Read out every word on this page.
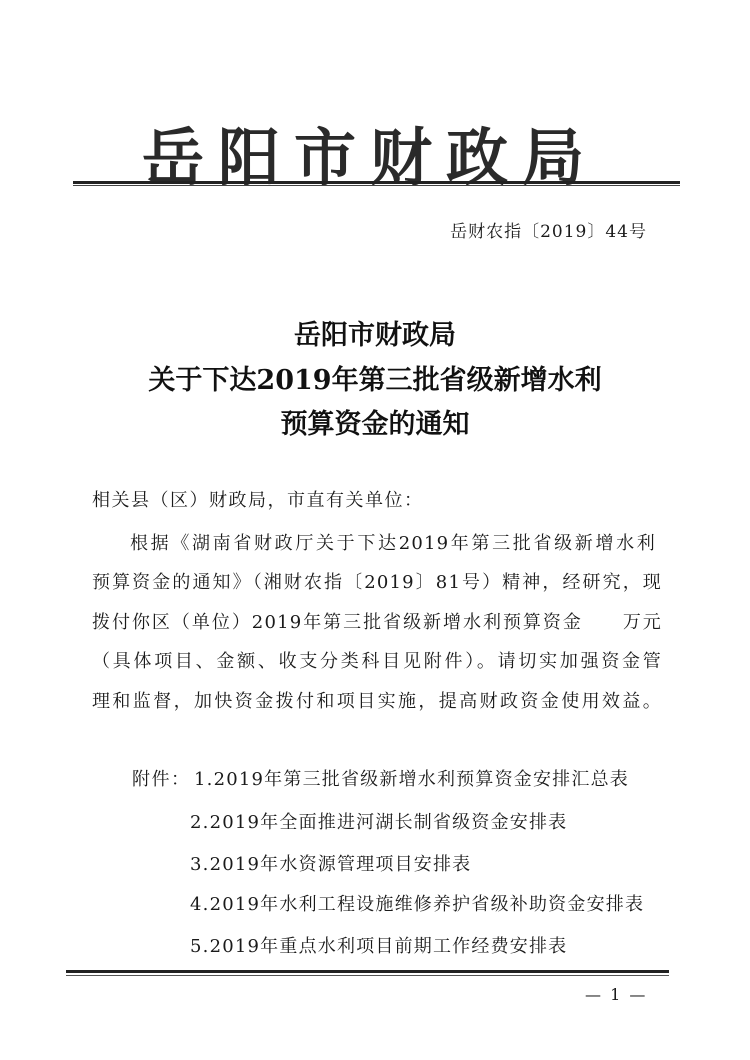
岳阳市财政局
岳财农指〔2019〕44号
岳阳市财政局
关于下达2019年第三批省级新增水利
预算资金的通知
相关县（区）财政局，市直有关单位：
根据《湖南省财政厅关于下达2019年第三批省级新增水利
预算资金的通知》（湘财农指〔2019〕81号）精神，经研究，现
拨付你区（单位）2019年第三批省级新增水利预算资金　　万元
（具体项目、金额、收支分类科目见附件）。请切实加强资金管
理和监督，加快资金拨付和项目实施，提高财政资金使用效益。
附件： 1.2019年第三批省级新增水利预算资金安排汇总表
2.2019年全面推进河湖长制省级资金安排表
3.2019年水资源管理项目安排表
4.2019年水利工程设施维修养护省级补助资金安排表
5.2019年重点水利项目前期工作经费安排表
— 1 —
